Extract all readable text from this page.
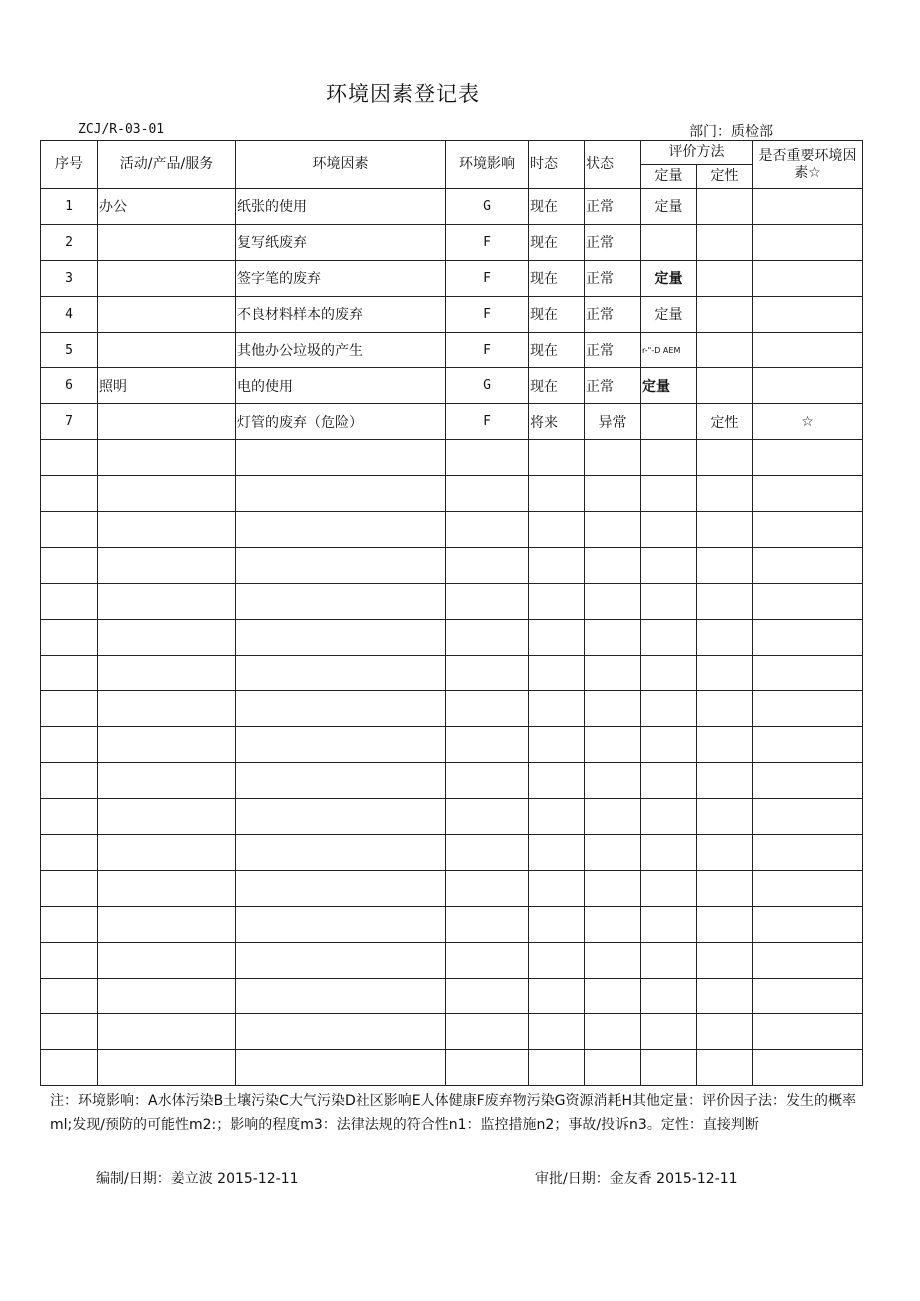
环境因素登记表
ZCJ/R-03-01	部门：质检部
序号	活动/产品/服务	环境因素	环境影响	时态	状态	评价方法		是否重要环境因素☆
						定量	定性	
1	办公	纸张的使用	G	现在	正常	定量		
2		复写纸废弃	F	现在	正常			
3		签字笔的废弃	F	现在	正常	定量		
4		不良材料样本的废弃	F	现在	正常	定量		
5		其他办公垃圾的产生	F	现在	正常	r-"-D AEM		
6	照明	电的使用	G	现在	正常	定量		
7		灯管的废弃（危险）	F	将来	异常		定性	☆

注：环境影响：A水体污染B土壤污染C大气污染D社区影响E人体健康F废弃物污染G资源消耗H其他定量：评价因子法：发生的概率ml;发现/预防的可能性m2:；影响的程度m3：法律法规的符合性n1：监控措施n2；事故/投诉n3。定性：直接判断
编制/日期：姜立波 2015-12-11	审批/日期：金友香 2015-12-11
